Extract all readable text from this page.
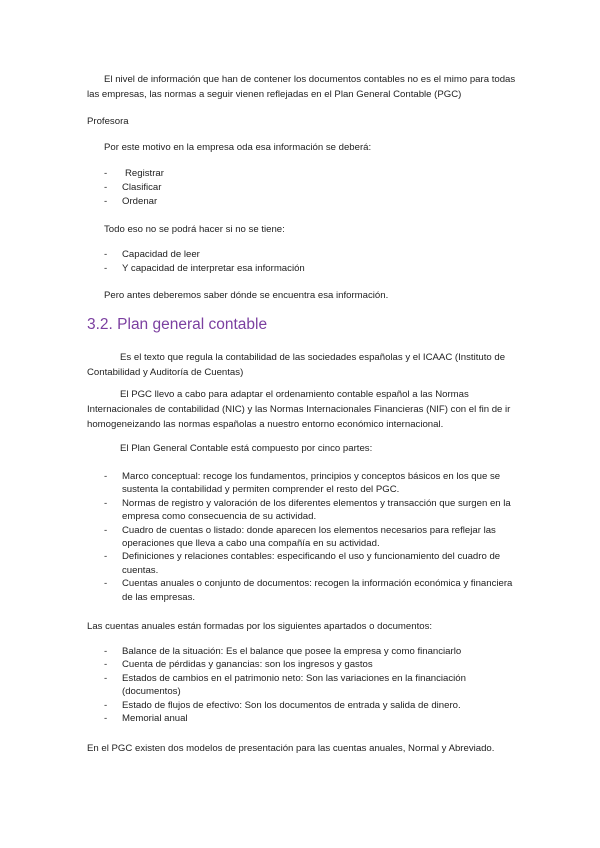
El nivel de información que han de contener los documentos contables no es el mimo para todas las empresas, las normas a seguir vienen reflejadas en el Plan General Contable (PGC)

Profesora

Por este motivo en la empresa oda esa información se deberá:

- Registrar
- Clasificar
- Ordenar

Todo eso no se podrá hacer si no se tiene:

- Capacidad de leer
- Y capacidad de interpretar esa información

Pero antes deberemos saber dónde se encuentra esa información.

3.2. Plan general contable

Es el texto que regula la contabilidad de las sociedades españolas y el ICAAC (Instituto de Contabilidad y Auditoría de Cuentas)

El PGC llevo a cabo para adaptar el ordenamiento contable español a las Normas Internacionales de contabilidad (NIC) y las Normas Internacionales Financieras (NIF) con el fin de ir homogeneizando las normas españolas a nuestro entorno económico internacional.

El Plan General Contable está compuesto por cinco partes:

- Marco conceptual: recoge los fundamentos, principios y conceptos básicos en los que se sustenta la contabilidad y permiten comprender el resto del PGC.
- Normas de registro y valoración de los diferentes elementos y transacción que surgen en la empresa como consecuencia de su actividad.
- Cuadro de cuentas o listado: donde aparecen los elementos necesarios para reflejar las operaciones que lleva a cabo una compañía en su actividad.
- Definiciones y relaciones contables: especificando el uso y funcionamiento del cuadro de cuentas.
- Cuentas anuales o conjunto de documentos: recogen la información económica y financiera de las empresas.

Las cuentas anuales están formadas por los siguientes apartados o documentos:

- Balance de la situación: Es el balance que posee la empresa y como financiarlo
- Cuenta de pérdidas y ganancias: son los ingresos y gastos
- Estados de cambios en el patrimonio neto: Son las variaciones en la financiación (documentos)
- Estado de flujos de efectivo: Son los documentos de entrada y salida de dinero.
- Memorial anual

En el PGC existen dos modelos de presentación para las cuentas anuales, Normal y Abreviado.
